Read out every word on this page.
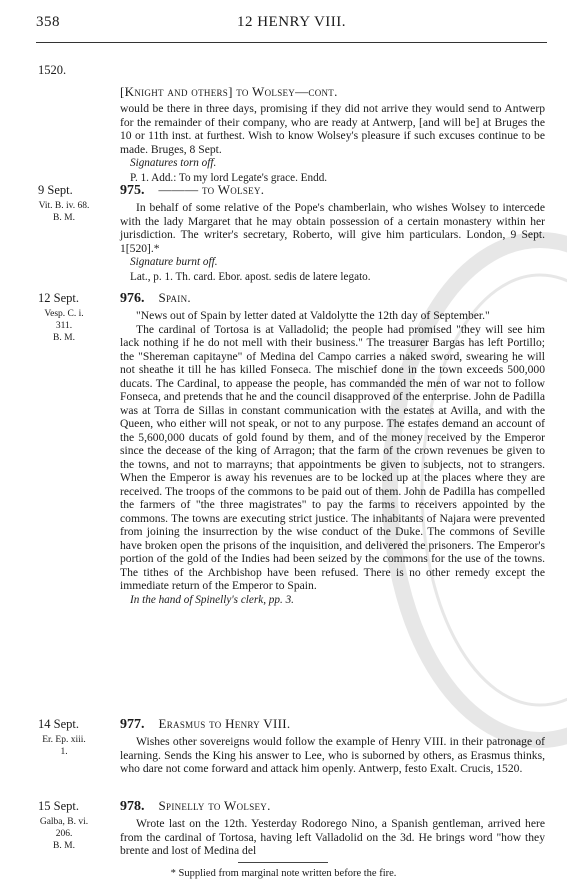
358	12 HENRY VIII.
1520.
[Knight and others] to Wolsey—cont.

would be there in three days, promising if they did not arrive they would send to Antwerp for the remainder of their company, who are ready at Antwerp, [and will be] at Bruges the 10 or 11th inst. at furthest. Wish to know Wolsey's pleasure if such excuses continue to be made. Bruges, 8 Sept.

Signatures torn off.

P. 1. Add.: To my lord Legate's grace. Endd.

9 Sept.
Vit. B. iv. 68.
B. M.
975. ——— to Wolsey.

In behalf of some relative of the Pope's chamberlain, who wishes Wolsey to intercede with the lady Margaret that he may obtain possession of a certain monastery within her jurisdiction. The writer's secretary, Roberto, will give him particulars. London, 9 Sept. 1[520].*

Signature burnt off.

Lat., p. 1. Th. card. Ebor. apost. sedis de latere legato.

12 Sept.
Vesp. C. i. 311.
B. M.
976. Spain.

"News out of Spain by letter dated at Valdolytte the 12th day of September."

The cardinal of Tortosa is at Valladolid; the people had promised "they will see him lack nothing if he do not mell with their business." The treasurer Bargas has left Portillo; the "Shereman capitayne" of Medina del Campo carries a naked sword, swearing he will not sheathe it till he has killed Fonseca. The mischief done in the town exceeds 500,000 ducats. The Cardinal, to appease the people, has commanded the men of war not to follow Fonseca, and pretends that he and the council disapproved of the enterprise. John de Padilla was at Torra de Sillas in constant communication with the estates at Avilla, and with the Queen, who either will not speak, or not to any purpose. The estates demand an account of the 5,600,000 ducats of gold found by them, and of the money received by the Emperor since the decease of the king of Arragon; that the farm of the crown revenues be given to the towns, and not to marrayns; that appointments be given to subjects, not to strangers. When the Emperor is away his revenues are to be locked up at the places where they are received. The troops of the commons to be paid out of them. John de Padilla has compelled the farmers of "the three magistrates" to pay the farms to receivers appointed by the commons. The towns are executing strict justice. The inhabitants of Najara were prevented from joining the insurrection by the wise conduct of the Duke. The commons of Seville have broken open the prisons of the inquisition, and delivered the prisoners. The Emperor's portion of the gold of the Indies had been seized by the commons for the use of the towns. The tithes of the Archbishop have been refused. There is no other remedy except the immediate return of the Emperor to Spain.

In the hand of Spinelly's clerk, pp. 3.

14 Sept.
Er. Ep. xiii. 1.
977. Erasmus to Henry VIII.

Wishes other sovereigns would follow the example of Henry VIII. in their patronage of learning. Sends the King his answer to Lee, who is suborned by others, as Erasmus thinks, who dare not come forward and attack him openly. Antwerp, festo Exalt. Crucis, 1520.

15 Sept.
Galba, B. vi.
206.
B. M.
978. Spinelly to Wolsey.

Wrote last on the 12th. Yesterday Rodorego Nino, a Spanish gentleman, arrived here from the cardinal of Tortosa, having left Valladolid on the 3d. He brings word "how they brente and lost of Medina del

* Supplied from marginal note written before the fire.
